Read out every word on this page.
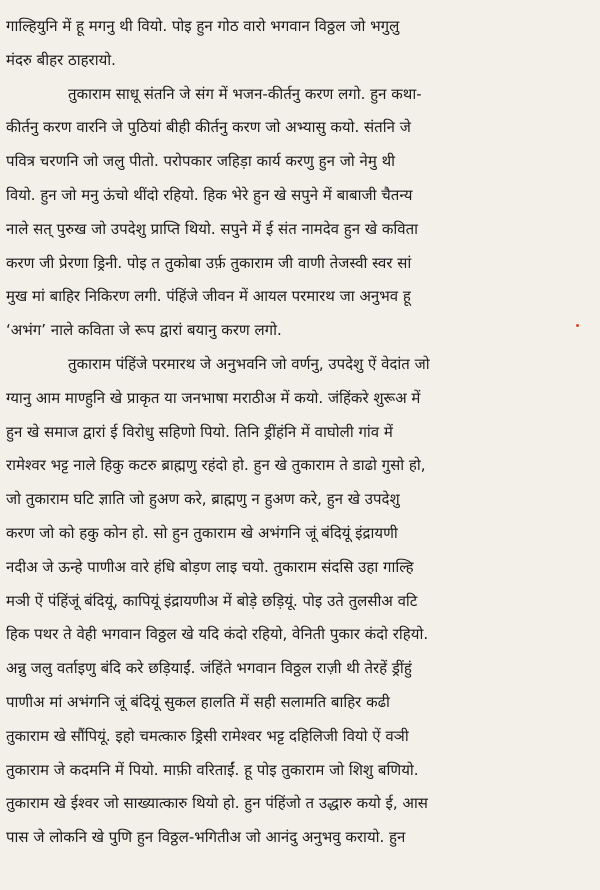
गाल्हियुनि में हू मगनु थी वियो. पोइ हुन गोठ वारो भगवान विठ्ठल जो भगुलु
मंदरु बीहर ठाहरायो.
तुकाराम साधू संतनि जे संग में भजन-कीर्तनु करण लगो. हुन कथा-
कीर्तनु करण वारनि जे पुठियां बीही कीर्तनु करण जो अभ्यासु कयो. संतनि जे
पवित्र चरणनि जो जलु पीतो. परोपकार जहिड़ा कार्य करणु हुन जो नेमु थी
वियो. हुन जो मनु ऊंचो थींदो रहियो. हिक भेरे हुन खे सपुने में बाबाजी चैतन्य
नाले सत् पुरुख जो उपदेशु प्राप्ति थियो. सपुने में ई संत नामदेव हुन खे कविता
करण जी प्रेरणा ड्रिनी. पोइ त तुकोबा उर्फ़ तुकाराम जी वाणी तेजस्वी स्वर सां
मुख मां बाहिर निकिरण लगी. पंहिंजे जीवन में आयल परमारथ जा अनुभव हू
‘अभंग’ नाले कविता जे रूप द्वारां बयानु करण लगो.
तुकाराम पंहिंजे परमारथ जे अनुभवनि जो वर्णनु, उपदेशु ऐं वेदांत जो
ग्यानु आम माण्हुनि खे प्राकृत या जनभाषा मराठीअ में कयो. जंहिंकरे शुरूअ में
हुन खे समाज द्वारां ई विरोधु सहिणो पियो. तिनि ड्रींहंनि में वाघोली गांव में
रामेश्वर भट्ट नाले हिकु कटरु ब्राह्मणु रहंदो हो. हुन खे तुकाराम ते डाढो गुसो हो,
जो तुकाराम घटि ज्ञाति जो हुअण करे, ब्राह्मणु न हुअण करे, हुन खे उपदेशु
करण जो को हकु कोन हो. सो हुन तुकाराम खे अभंगनि जूं बंदियूं इंद्रायणी
नदीअ जे ऊन्हे पाणीअ वारे हंधि बोड़ण लाइ चयो. तुकाराम संदसि उहा गाल्हि
मञी ऐं पंहिंजूं बंदियूं, कापियूं इंद्रायणीअ में बोड़े छड़ियूं. पोइ उते तुलसीअ वटि
हिक पथर ते वेही भगवान विठ्ठल खे यदि कंदो रहियो, वेनिती पुकार कंदो रहियो.
अन्नु जलु वर्ताइणु बंदि करे छड़ियाईं. जंहिंते भगवान विठ्ठल राज़ी थी तेरहें ड्रींहुं
पाणीअ मां अभंगनि जूं बंदियूं सुकल हालति में सही सलामति बाहिर कढी
तुकाराम खे सौंपियूं. इहो चमत्कारु ड्रिसी रामेश्वर भट्ट दहिलिजी वियो ऐं वञी
तुकाराम जे कदमनि में पियो. माफ़ी वरिताईं. हू पोइ तुकाराम जो शिशु बणियो.
तुकाराम खे ईश्वर जो साख्यात्कारु थियो हो. हुन पंहिंजो त उद्धारु कयो ई, आस
पास जे लोकनि खे पुणि हुन विठ्ठल-भगितीअ जो आनंदु अनुभवु करायो. हुन
